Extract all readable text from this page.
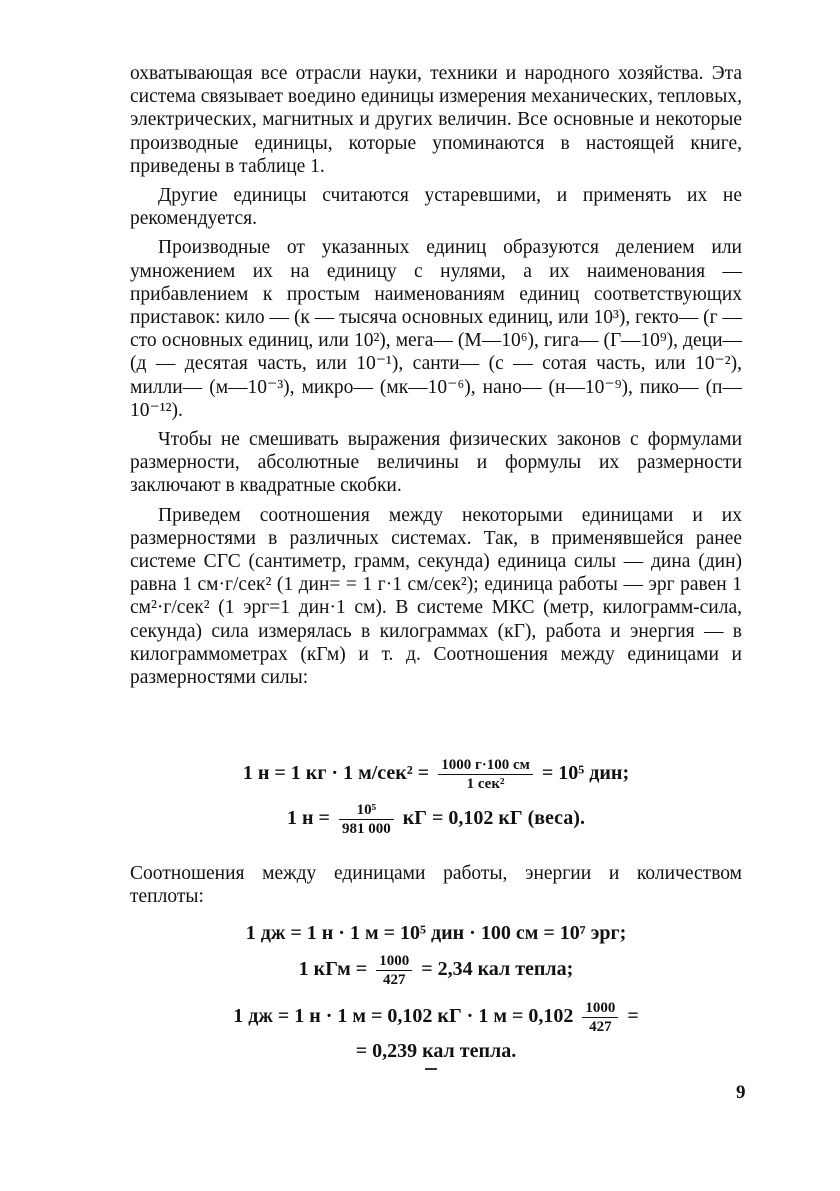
охватывающая все отрасли науки, техники и народного хозяйства. Эта система связывает воедино единицы измерения механических, тепловых, электрических, магнитных и других величин. Все основные и некоторые производные единицы, которые упоминаются в настоящей книге, приведены в таблице 1.

Другие единицы считаются устаревшими, и применять их не рекомендуется.

Производные от указанных единиц образуются делением или умножением их на единицу с нулями, а их наименования — прибавлением к простым наименованиям единиц соответствующих приставок: кило — (к — тысяча основных единиц, или 10³), гекто— (г — сто основных единиц, или 10²), мега— (М—10⁶), гига— (Г—10⁹), деци— (д — десятая часть, или 10⁻¹), санти— (с — сотая часть, или 10⁻²), милли— (м—10⁻³), микро— (мк—10⁻⁶), нано— (н—10⁻⁹), пико— (п—10⁻¹²).

Чтобы не смешивать выражения физических законов с формулами размерности, абсолютные величины и формулы их размерности заключают в квадратные скобки.

Приведем соотношения между некоторыми единицами и их размерностями в различных системах. Так, в применявшейся ранее системе СГС (сантиметр, грамм, секунда) единица силы — дина (дин) равна 1 см·г/сек² (1 дин= = 1 г·1 см/сек²); единица работы — эрг равен 1 см²·г/сек² (1 эрг=1 дин·1 см). В системе МКС (метр, килограмм-сила, секунда) сила измерялась в килограммах (кГ), работа и энергия — в килограммометрах (кГм) и т. д. Соотношения между единицами и размерностями силы:

1 н = 1 кг · 1 $м/сек^2 = \frac{1000 г\cdot 100 см}{\text{1 сек²}} = 10^5$ дин;
1 $н = \frac{\text{10⁵}}{981 000}$ кГ = 0,102 кГ (веса).

Соотношения между единицами работы, энергии и количеством теплоты:

1 дж = 1 н · 1 м = 10⁵ дин · 100 см = 10⁷ эрг;
1 кГм = $\frac{1000}{427} = 2,34$ кал тепла;
1 дж = 1 н · 1 м = 0,102 кГ · 1 $м = 0,102 \frac{1000}{427}$ =
= 0,239 кал тепла.
9
